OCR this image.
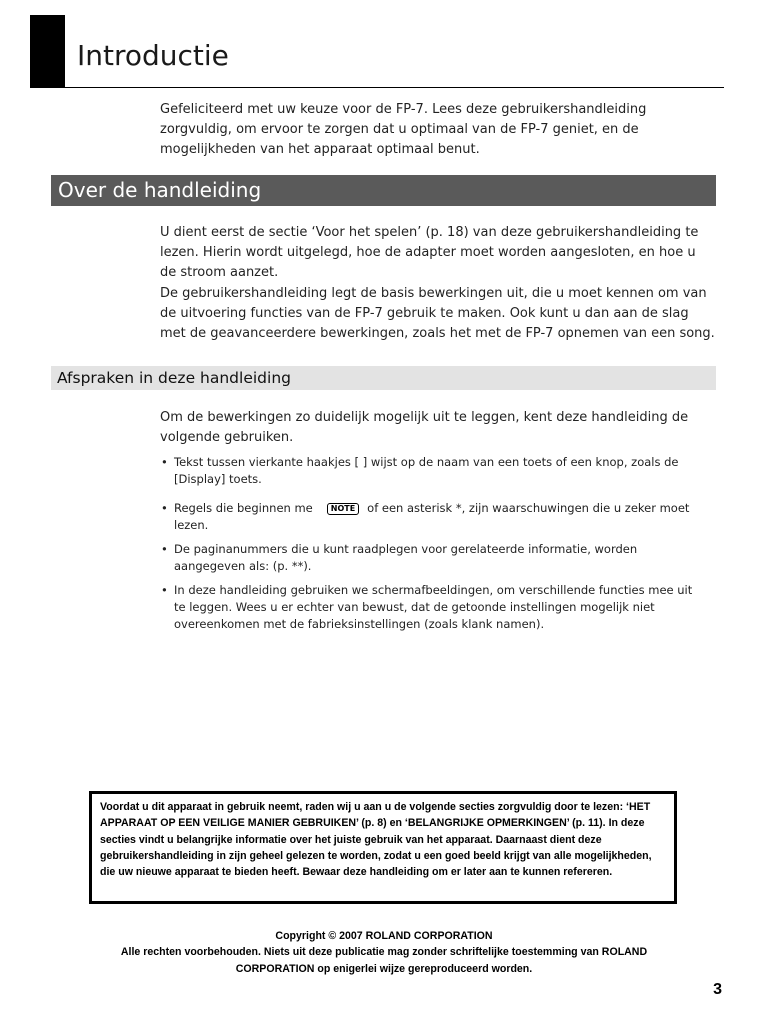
Introductie

Gefeliciteerd met uw keuze voor de FP-7. Lees deze gebruikershandleiding zorgvuldig, om ervoor te zorgen dat u optimaal van de FP-7 geniet, en de mogelijkheden van het apparaat optimaal benut.

Over de handleiding

U dient eerst de sectie ‘Voor het spelen’ (p. 18) van deze gebruikershandleiding te lezen. Hierin wordt uitgelegd, hoe de adapter moet worden aangesloten, en hoe u de stroom aanzet.

De gebruikershandleiding legt de basis bewerkingen uit, die u moet kennen om van de uitvoering functies van de FP-7 gebruik te maken. Ook kunt u dan aan de slag met de geavanceerdere bewerkingen, zoals het met de FP-7 opnemen van een song.

Afspraken in deze handleiding

Om de bewerkingen zo duidelijk mogelijk uit te leggen, kent deze handleiding de volgende gebruiken.

• Tekst tussen vierkante haakjes [ ] wijst op de naam van een toets of een knop, zoals de [Display] toets.
• Regels die beginnen me NOTE of een asterisk *, zijn waarschuwingen die u zeker moet lezen.
• De paginanummers die u kunt raadplegen voor gerelateerde informatie, worden aangegeven als: (p. **).
• In deze handleiding gebruiken we schermafbeeldingen, om verschillende functies mee uit te leggen. Wees u er echter van bewust, dat de getoonde instellingen mogelijk niet overeenkomen met de fabrieksinstellingen (zoals klank namen).

Voordat u dit apparaat in gebruik neemt, raden wij u aan u de volgende secties zorgvuldig door te lezen: ‘HET APPARAAT OP EEN VEILIGE MANIER GEBRUIKEN’ (p. 8) en ‘BELANGRIJKE OPMERKINGEN’ (p. 11). In deze secties vindt u belangrijke informatie over het juiste gebruik van het apparaat. Daarnaast dient deze gebruikershandleiding in zijn geheel gelezen te worden, zodat u een goed beeld krijgt van alle mogelijkheden, die uw nieuwe apparaat te bieden heeft. Bewaar deze handleiding om er later aan te kunnen refereren.

Copyright © 2007 ROLAND CORPORATION

Alle rechten voorbehouden. Niets uit deze publicatie mag zonder schriftelijke toestemming van ROLAND CORPORATION op enigerlei wijze gereproduceerd worden.

3
